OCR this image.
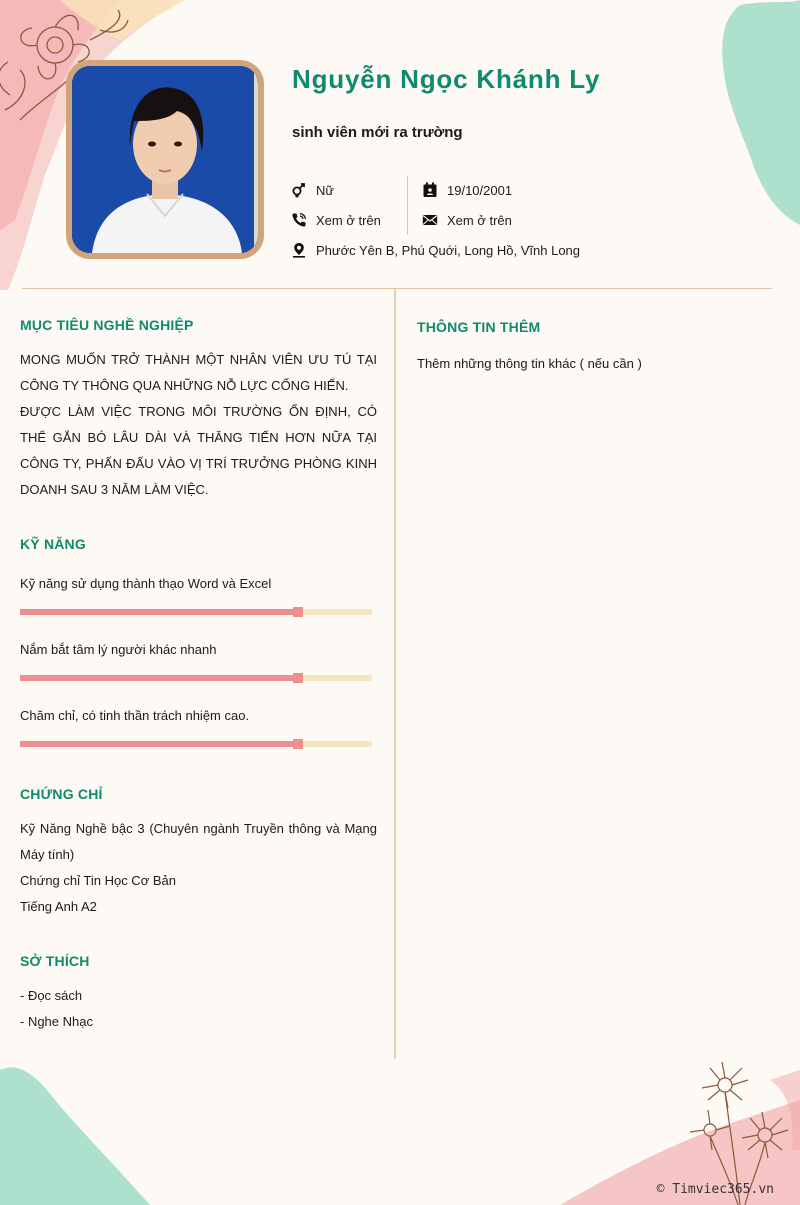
Nguyễn Ngọc Khánh Ly
sinh viên mới ra trường
Nữ
Xem ở trên
Phước Yên B, Phú Quới, Long Hồ, Vĩnh Long
19/10/2001
Xem ở trên
MỤC TIÊU NGHỀ NGHIỆP
MONG MUỐN TRỞ THÀNH MỘT NHÂN VIÊN ƯU TÚ TẠI CÔNG TY THÔNG QUA NHỮNG NỖ LỰC CỐNG HIẾN.
ĐƯỢC LÀM VIỆC TRONG MÔI TRƯỜNG ỔN ĐỊNH, CÓ THỂ GẮN BÓ LÂU DÀI VÀ THĂNG TIẾN HƠN NỮA TẠI CÔNG TY, PHẤN ĐẤU VÀO VỊ TRÍ TRƯỞNG PHÒNG KINH DOANH SAU 3 NĂM LÀM VIỆC.
KỸ NĂNG
Kỹ năng sử dụng thành thạo Word và Excel
Nắm bắt tâm lý người khác nhanh
Chăm chỉ, có tinh thần trách nhiệm cao.
CHỨNG CHỈ
Kỹ Năng Nghề bậc 3 (Chuyên ngành Truyền thông và Mạng Máy tính)
Chứng chỉ Tin Học Cơ Bản
Tiếng Anh A2
SỞ THÍCH
- Đọc sách
- Nghe Nhạc
THÔNG TIN THÊM
Thêm những thông tin khác ( nếu cần )
© Timviec365.vn
